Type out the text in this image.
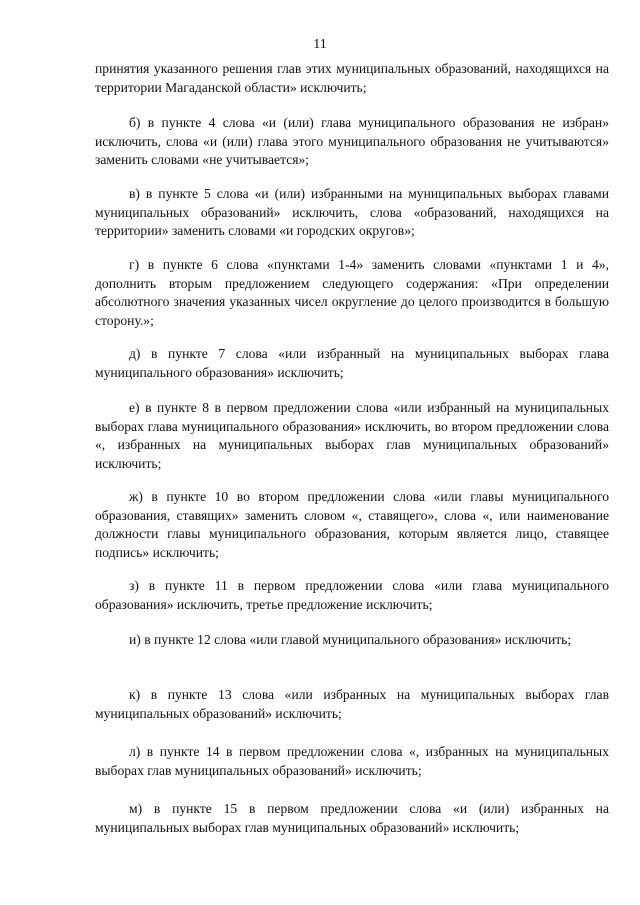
11

принятия указанного решения глав этих муниципальных образований, находящихся на территории Магаданской области» исключить;

б) в пункте 4 слова «и (или) глава муниципального образования не избран» исключить, слова «и (или) глава этого муниципального образования не учитываются» заменить словами «не учитывается»;

в) в пункте 5 слова «и (или) избранными на муниципальных выборах главами муниципальных образований» исключить, слова «образований, находящихся на территории» заменить словами «и городских округов»;

г) в пункте 6 слова «пунктами 1-4» заменить словами «пунктами 1 и 4», дополнить вторым предложением следующего содержания: «При определении абсолютного значения указанных чисел округление до целого производится в большую сторону.»;

д) в пункте 7 слова «или избранный на муниципальных выборах глава муниципального образования» исключить;

е) в пункте 8 в первом предложении слова «или избранный на муниципальных выборах глава муниципального образования» исключить, во втором предложении слова «, избранных на муниципальных выборах глав муниципальных образований» исключить;

ж) в пункте 10 во втором предложении слова «или главы муниципального образования, ставящих» заменить словом «, ставящего», слова «, или наименование должности главы муниципального образования, которым является лицо, ставящее подпись» исключить;

з) в пункте 11 в первом предложении слова «или глава муниципального образования» исключить, третье предложение исключить;

и) в пункте 12 слова «или главой муниципального образования» исключить;

к) в пункте 13 слова «или избранных на муниципальных выборах глав муниципальных образований» исключить;

л) в пункте 14 в первом предложении слова «, избранных на муниципальных выборах глав муниципальных образований» исключить;

м) в пункте 15 в первом предложении слова «и (или) избранных на муниципальных выборах глав муниципальных образований» исключить;
